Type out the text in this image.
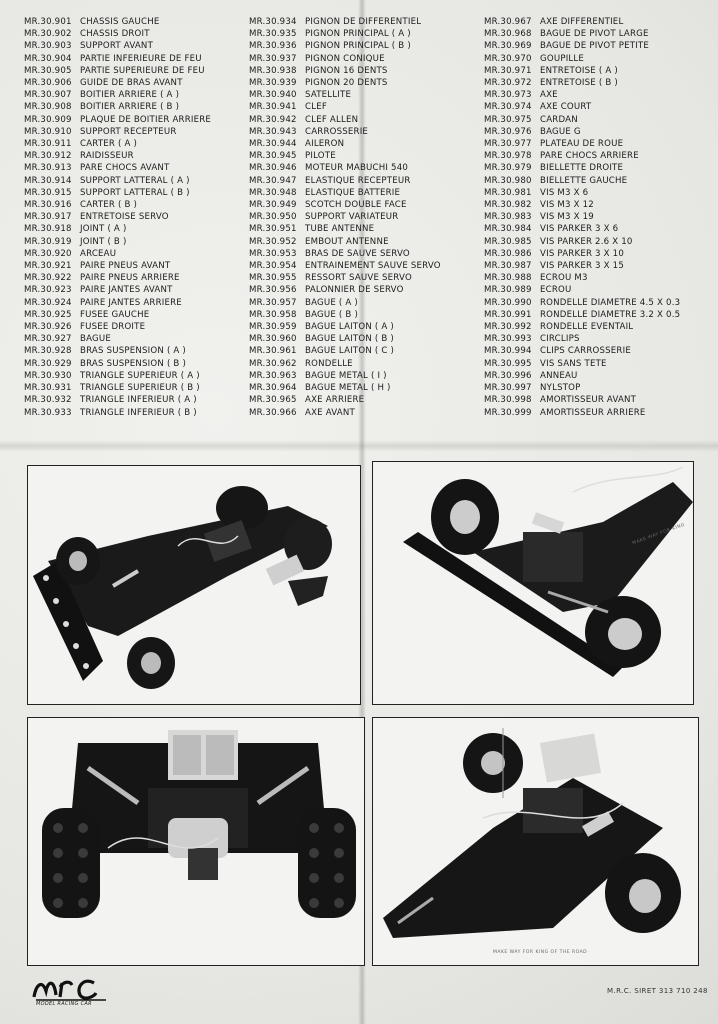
MR.30.901 CHASSIS GAUCHE
MR.30.902 CHASSIS DROIT
MR.30.903 SUPPORT AVANT
MR.30.904 PARTIE INFERIEURE DE FEU
MR.30.905 PARTIE SUPERIEURE DE FEU
MR.30.906 GUIDE DE BRAS AVANT
MR.30.907 BOITIER ARRIERE ( A )
MR.30.908 BOITIER ARRIERE ( B )
MR.30.909 PLAQUE DE BOITIER ARRIERE
MR.30.910 SUPPORT RECEPTEUR
MR.30.911 CARTER ( A )
MR.30.912 RAIDISSEUR
MR.30.913 PARE CHOCS AVANT
MR.30.914 SUPPORT LATTERAL ( A )
MR.30.915 SUPPORT LATTERAL ( B )
MR.30.916 CARTER ( B )
MR.30.917 ENTRETOISE SERVO
MR.30.918 JOINT ( A )
MR.30.919 JOINT ( B )
MR.30.920 ARCEAU
MR.30.921 PAIRE PNEUS AVANT
MR.30.922 PAIRE PNEUS ARRIERE
MR.30.923 PAIRE JANTES AVANT
MR.30.924 PAIRE JANTES ARRIERE
MR.30.925 FUSEE GAUCHE
MR.30.926 FUSEE DROITE
MR.30.927 BAGUE
MR.30.928 BRAS SUSPENSION ( A )
MR.30.929 BRAS SUSPENSION ( B )
MR.30.930 TRIANGLE SUPERIEUR ( A )
MR.30.931 TRIANGLE SUPERIEUR ( B )
MR.30.932 TRIANGLE INFERIEUR ( A )
MR.30.933 TRIANGLE INFERIEUR ( B )
MR.30.934 PIGNON DE DIFFERENTIEL
MR.30.935 PIGNON PRINCIPAL ( A )
MR.30.936 PIGNON PRINCIPAL ( B )
MR.30.937 PIGNON CONIQUE
MR.30.938 PIGNON 16 DENTS
MR.30.939 PIGNON 20 DENTS
MR.30.940 SATELLITE
MR.30.941 CLEF
MR.30.942 CLEF ALLEN
MR.30.943 CARROSSERIE
MR.30.944 AILERON
MR.30.945 PILOTE
MR.30.946 MOTEUR MABUCHI 540
MR.30.947 ELASTIQUE RECEPTEUR
MR.30.948 ELASTIQUE BATTERIE
MR.30.949 SCOTCH DOUBLE FACE
MR.30.950 SUPPORT VARIATEUR
MR.30.951 TUBE ANTENNE
MR.30.952 EMBOUT ANTENNE
MR.30.953 BRAS DE SAUVE SERVO
MR.30.954 ENTRAINEMENT SAUVE SERVO
MR.30.955 RESSORT SAUVE SERVO
MR.30.956 PALONNIER DE SERVO
MR.30.957 BAGUE ( A )
MR.30.958 BAGUE ( B )
MR.30.959 BAGUE LAITON ( A )
MR.30.960 BAGUE LAITON ( B )
MR.30.961 BAGUE LAITON ( C )
MR.30.962 RONDELLE
MR.30.963 BAGUE METAL ( I )
MR.30.964 BAGUE METAL ( H )
MR.30.965 AXE ARRIERE
MR.30.966 AXE AVANT
MR.30.967 AXE DIFFERENTIEL
MR.30.968 BAGUE DE PIVOT LARGE
MR.30.969 BAGUE DE PIVOT PETITE
MR.30.970 GOUPILLE
MR.30.971 ENTRETOISE ( A )
MR.30.972 ENTRETOISE ( B )
MR.30.973 AXE
MR.30.974 AXE COURT
MR.30.975 CARDAN
MR.30.976 BAGUE G
MR.30.977 PLATEAU DE ROUE
MR.30.978 PARE CHOCS ARRIERE
MR.30.979 BIELLETTE DROITE
MR.30.980 BIELLETTE GAUCHE
MR.30.981 VIS M3 X 6
MR.30.982 VIS M3 X 12
MR.30.983 VIS M3 X 19
MR.30.984 VIS PARKER 3 X 6
MR.30.985 VIS PARKER 2.6 X 10
MR.30.986 VIS PARKER 3 X 10
MR.30.987 VIS PARKER 3 X 15
MR.30.988 ECROU M3
MR.30.989 ECROU
MR.30.990 RONDELLE DIAMETRE 4.5 X 0.3
MR.30.991 RONDELLE DIAMETRE 3.2 X 0.5
MR.30.992 RONDELLE EVENTAIL
MR.30.993 CIRCLIPS
MR.30.994 CLIPS CARROSSERIE
MR.30.995 VIS SANS TETE
MR.30.996 ANNEAU
MR.30.997 NYLSTOP
MR.30.998 AMORTISSEUR AVANT
MR.30.999 AMORTISSEUR ARRIERE
MAKE WAY FOR KING
MAKE WAY FOR KING OF THE ROAD
MODEL RACING CAR
M.R.C. SIRET 313 710 248
